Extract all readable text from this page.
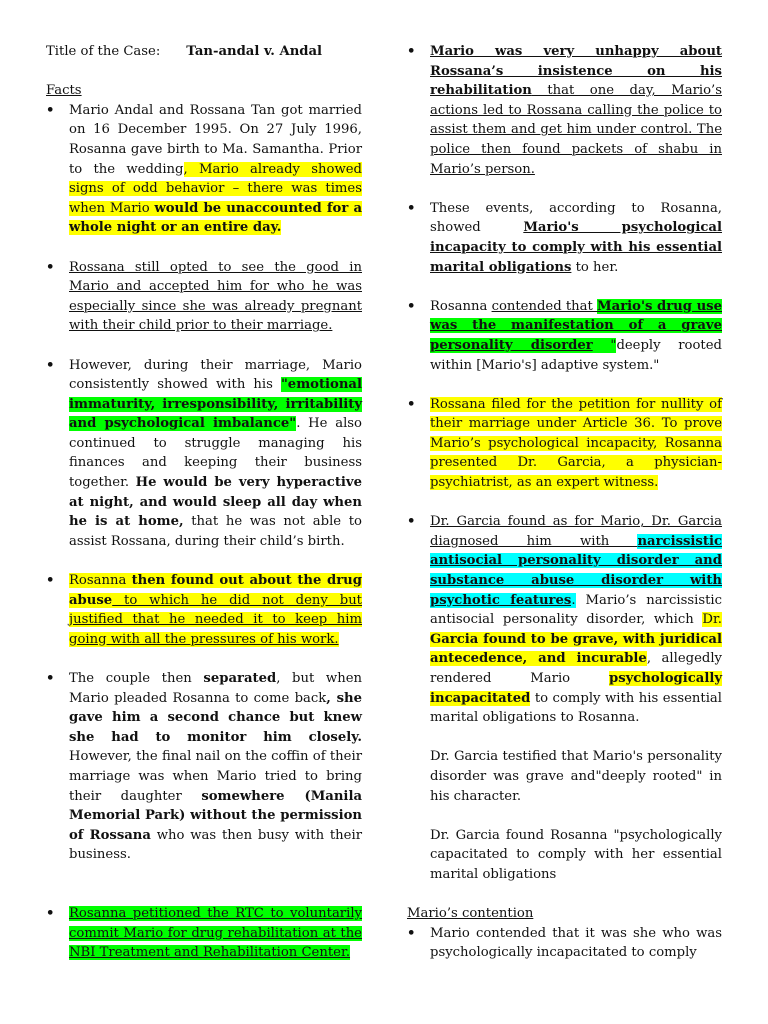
Title of the Case: Tan-andal v. Andal

Facts

• Mario Andal and Rossana Tan got married on 16 December 1995. On 27 July 1996, Rosanna gave birth to Ma. Samantha. Prior to the wedding, Mario already showed signs of odd behavior – there was times when Mario would be unaccounted for a whole night or an entire day.
• Rossana still opted to see the good in Mario and accepted him for who he was especially since she was already pregnant with their child prior to their marriage.
• However, during their marriage, Mario consistently showed with his "emotional immaturity, irresponsibility, irritability and psychological imbalance". He also continued to struggle managing his finances and keeping their business together. He would be very hyperactive at night, and would sleep all day when he is at home, that he was not able to assist Rossana, during their child’s birth.
• Rosanna then found out about the drug abuse to which he did not deny but justified that he needed it to keep him going with all the pressures of his work.
• The couple then separated, but when Mario pleaded Rosanna to come back, she gave him a second chance but knew she had to monitor him closely. However, the final nail on the coffin of their marriage was when Mario tried to bring their daughter somewhere (Manila Memorial Park) without the permission of Rossana who was then busy with their business.
• Rosanna petitioned the RTC to voluntarily commit Mario for drug rehabilitation at the NBI Treatment and Rehabilitation Center.
• Mario was very unhappy about Rossana’s insistence on his rehabilitation that one day, Mario’s actions led to Rossana calling the police to assist them and get him under control. The police then found packets of shabu in Mario’s person.
• These events, according to Rosanna, showed Mario's psychological incapacity to comply with his essential marital obligations to her.
• Rosanna contended that Mario's drug use was the manifestation of a grave personality disorder "deeply rooted within [Mario's] adaptive system."
• Rossana filed for the petition for nullity of their marriage under Article 36. To prove Mario’s psychological incapacity, Rosanna presented Dr. Garcia, a physician-psychiatrist, as an expert witness.
• Dr. Garcia found as for Mario, Dr. Garcia diagnosed him with narcissistic antisocial personality disorder and substance abuse disorder with psychotic features. Mario’s narcissistic antisocial personality disorder, which Dr. Garcia found to be grave, with juridical antecedence, and incurable, allegedly rendered Mario psychologically incapacitated to comply with his essential marital obligations to Rosanna.

Dr. Garcia testified that Mario's personality disorder was grave and"deeply rooted" in his character.

Dr. Garcia found Rosanna "psychologically capacitated to comply with her essential marital obligations

Mario’s contention

• Mario contended that it was she who was psychologically incapacitated to comply
